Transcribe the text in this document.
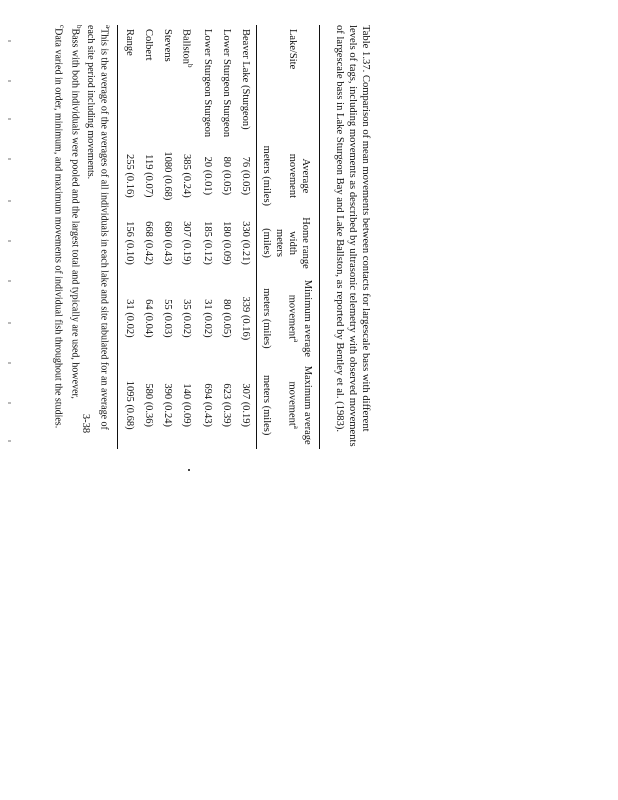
Table 1.37. Comparison of mean movements between contacts for largescale bass with different levels of tags, including movements as described by ultrasonic telemetry with observed movements of largescale bass in Lake Sturgeon Bay and Lake Ballston, as reported by Bentley et al. (1983).

Lake/Site	Average movement	Home range width	Minimum average movement$^a$	Maximum average movement$^a$
	meters (miles)	meters (miles)	meters (miles)	meters (miles)
Beaver Lake (Sturgeon)	76 (0.05)	330 (0.21)	339 (0.16)	307 (0.19)
Lower Sturgeon Sturgeon	80 (0.05)	180 (0.09)	80 (0.05)	623 (0.39)
Lower Sturgeon Sturgeon	20 (0.01)	185 (0.12)	31 (0.02)	694 (0.43)
Ballston$^b$	385 (0.24)	307 (0.19)	35 (0.02)	140 (0.09)
Stevens	1080 (0.68)	680 (0.43)	55 (0.03)	390 (0.24)
Colbert	119 (0.07)	668 (0.42)	64 (0.04)	580 (0.36)
Range	255 (0.16)	156 (0.10)	31 (0.02)	1095 (0.68)

$^a$This is the average of the averages of all individuals in each lake and site tabulated for an average of each site period including movements.

$^b$Bass with both individuals were pooled and the largest total and typically are used, however,

$^c$Data varied in order, minimum, and maximum movements of individual fish throughout the studies. 3-38
